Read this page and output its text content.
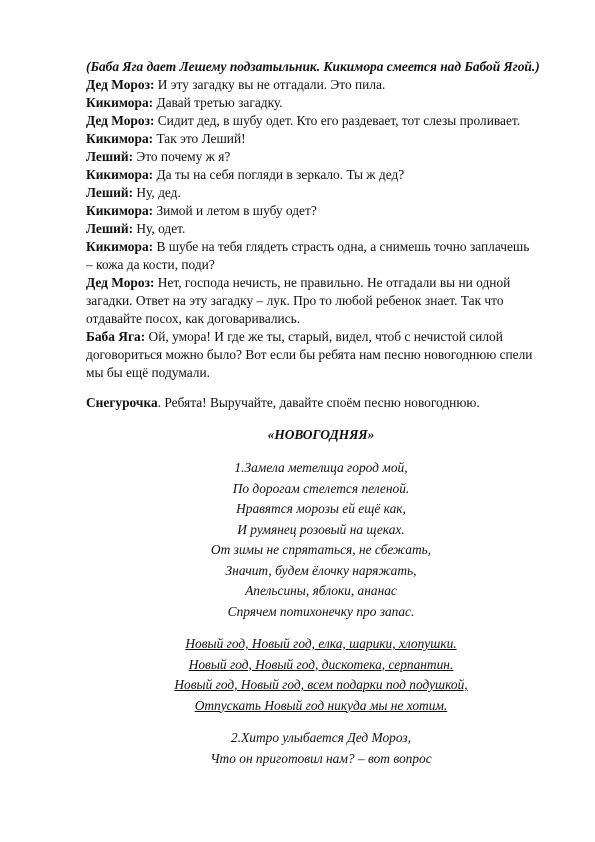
(Баба Яга дает Лешему подзатыльник. Кикимора смеется над Бабой Ягой.)
Дед Мороз: И эту загадку вы не отгадали. Это пила.
Кикимора: Давай третью загадку.
Дед Мороз: Сидит дед, в шубу одет. Кто его раздевает, тот слезы проливает.
Кикимора: Так это Леший!
Леший: Это почему ж я?
Кикимора: Да ты на себя погляди в зеркало. Ты ж дед?
Леший: Ну, дед.
Кикимора: Зимой и летом в шубу одет?
Леший: Ну, одет.
Кикимора: В шубе на тебя глядеть страсть одна, а снимешь точно заплачешь
– кожа да кости, поди?
Дед Мороз: Нет, господа нечисть, не правильно. Не отгадали вы ни одной
загадки. Ответ на эту загадку – лук. Про то любой ребенок знает. Так что
отдавайте посох, как договаривались.
Баба Яга: Ой, умора! И где же ты, старый, видел, чтоб с нечистой силой
договориться можно было? Вот если бы ребята нам песню новогоднюю спели
мы бы ещё подумали.
Снегурочка. Ребята! Выручайте, давайте споём песню новогоднюю.
«НОВОГОДНЯЯ»
1.Замела метелица город мой,
По дорогам стелется пеленой.
Нравятся морозы ей ещё как,
И румянец розовый на щеках.
От зимы не спрятаться, не сбежать,
Значит, будем ёлочку наряжать,
Апельсины, яблоки, ананас
Спрячем потихонечку про запас.
Новый год, Новый год, елка, шарики, хлопушки.
Новый год, Новый год, дискотека, серпантин.
Новый год, Новый год, всем подарки под подушкой,
Отпускать Новый год никуда мы не хотим.
2.Хитро улыбается Дед Мороз,
Что он приготовил нам? – вот вопрос
